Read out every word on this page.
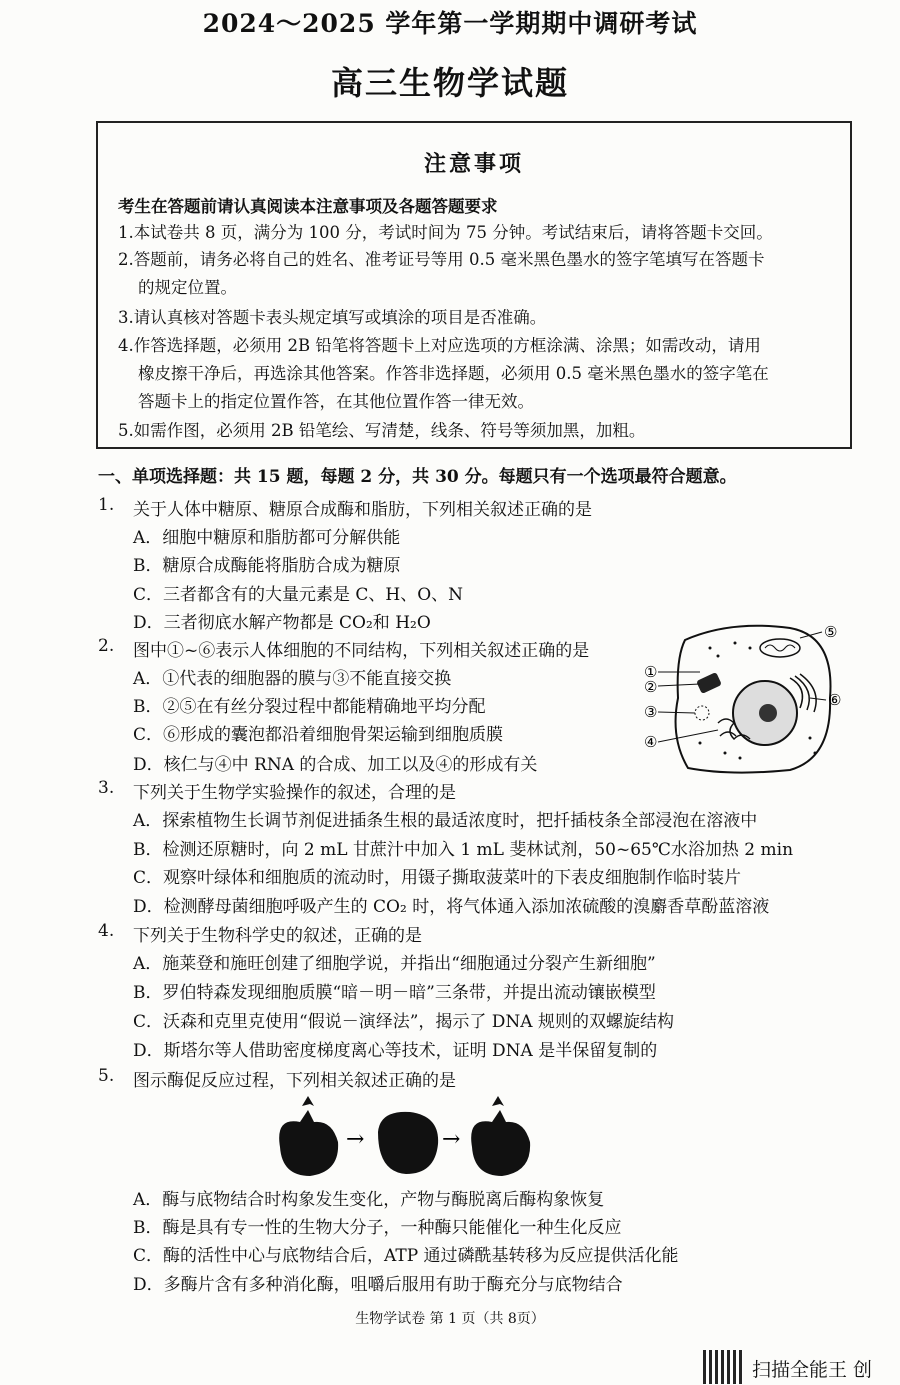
2024～2025 学年第一学期期中调研考试
高三生物学试题
注意事项
考生在答题前请认真阅读本注意事项及各题答题要求
1.本试卷共 8 页，满分为 100 分，考试时间为 75 分钟。考试结束后，请将答题卡交回。
2.答题前，请务必将自己的姓名、准考证号等用 0.5 毫米黑色墨水的签字笔填写在答题卡
的规定位置。
3.请认真核对答题卡表头规定填写或填涂的项目是否准确。
4.作答选择题，必须用 2B 铅笔将答题卡上对应选项的方框涂满、涂黑；如需改动，请用
橡皮擦干净后，再选涂其他答案。作答非选择题，必须用 0.5 毫米黑色墨水的签字笔在
答题卡上的指定位置作答，在其他位置作答一律无效。
5.如需作图，必须用 2B 铅笔绘、写清楚，线条、符号等须加黑，加粗。
一、单项选择题：共 15 题，每题 2 分，共 30 分。每题只有一个选项最符合题意。
1. 关于人体中糖原、糖原合成酶和脂肪，下列相关叙述正确的是
A．细胞中糖原和脂肪都可分解供能
B．糖原合成酶能将脂肪合成为糖原
C．三者都含有的大量元素是 C、H、O、N
D．三者彻底水解产物都是 CO₂和 H₂O
2. 图中①~⑥表示人体细胞的不同结构，下列相关叙述正确的是
A．①代表的细胞器的膜与③不能直接交换
B．②⑤在有丝分裂过程中都能精确地平均分配
C．⑥形成的囊泡都沿着细胞骨架运输到细胞质膜
D．核仁与④中 RNA 的合成、加工以及④的形成有关
①
②
③
④
⑤
⑥
3. 下列关于生物学实验操作的叙述，合理的是
A．探索植物生长调节剂促进插条生根的最适浓度时，把扦插枝条全部浸泡在溶液中
B．检测还原糖时，向 2 mL 甘蔗汁中加入 1 mL 斐林试剂，50~65℃水浴加热 2 min
C．观察叶绿体和细胞质的流动时，用镊子撕取菠菜叶的下表皮细胞制作临时装片
D．检测酵母菌细胞呼吸产生的 CO₂ 时，将气体通入添加浓硫酸的溴麝香草酚蓝溶液
4. 下列关于生物科学史的叙述，正确的是
A．施莱登和施旺创建了细胞学说，并指出“细胞通过分裂产生新细胞”
B．罗伯特森发现细胞质膜“暗－明－暗”三条带，并提出流动镶嵌模型
C．沃森和克里克使用“假说－演绎法”，揭示了 DNA 规则的双螺旋结构
D．斯塔尔等人借助密度梯度离心等技术，证明 DNA 是半保留复制的
5. 图示酶促反应过程，下列相关叙述正确的是
→	→
A．酶与底物结合时构象发生变化，产物与酶脱离后酶构象恢复
B．酶是具有专一性的生物大分子，一种酶只能催化一种生化反应
C．酶的活性中心与底物结合后，ATP 通过磷酰基转移为反应提供活化能
D．多酶片含有多种消化酶，咀嚼后服用有助于酶充分与底物结合
生物学试卷 第 1 页（共 8页）
扫描全能王 创
